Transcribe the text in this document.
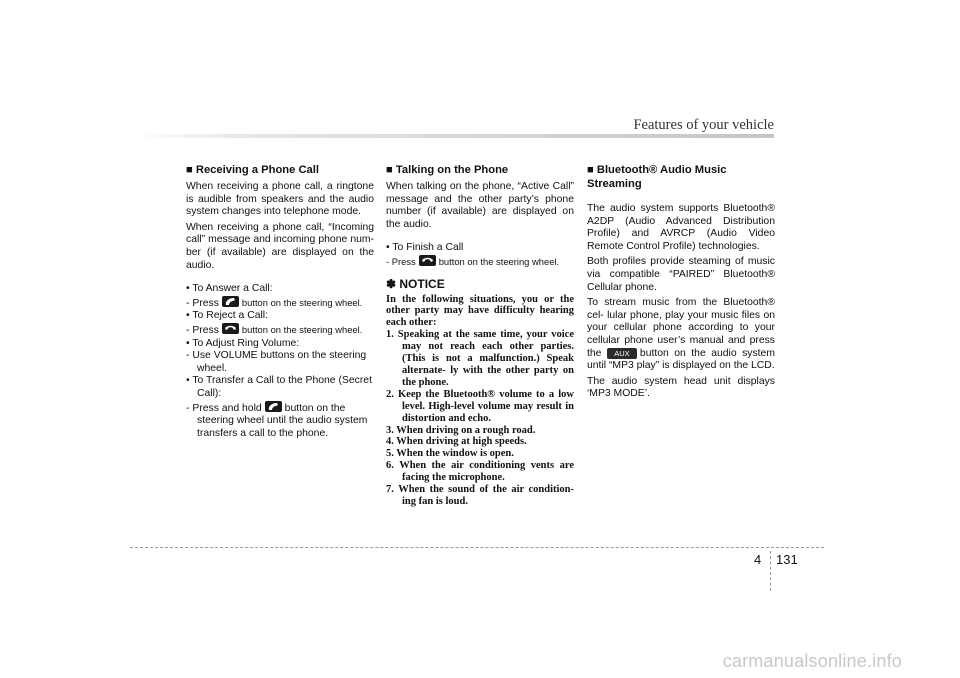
Features of your vehicle
■ Receiving a Phone Call

When receiving a phone call, a ringtone is audible from speakers and the audio system changes into telephone mode.

When receiving a phone call, “Incoming call” message and incoming phone num- ber (if available) are displayed on the audio.

• To Answer a Call:

- Press button on the steering wheel.

• To Reject a Call:

- Press button on the steering wheel.

• To Adjust Ring Volume:

- Use VOLUME buttons on the steering wheel.

• To Transfer a Call to the Phone (Secret Call):

- Press and hold button on the steering wheel until the audio system transfers a call to the phone.

■ Talking on the Phone

When talking on the phone, “Active Call” message and the other party’s phone number (if available) are displayed on the audio.

• To Finish a Call

- Press button on the steering wheel.

✽ NOTICE

In the following situations, you or the other party may have difficulty hearing each other:

1. Speaking at the same time, your voice may not reach each other parties. (This is not a malfunction.) Speak alternate- ly with the other party on the phone.

2. Keep the Bluetooth® volume to a low level. High-level volume may result in distortion and echo.

3. When driving on a rough road.

4. When driving at high speeds.

5. When the window is open.

6. When the air conditioning vents are facing the microphone.

7. When the sound of the air condition- ing fan is loud.

■ Bluetooth® Audio Music Streaming

The audio system supports Bluetooth® A2DP (Audio Advanced Distribution Profile) and AVRCP (Audio Video Remote Control Profile) technologies.

Both profiles provide steaming of music via compatible “PAIRED” Bluetooth® Cellular phone.

To stream music from the Bluetooth® cel- lular phone, play your music files on your cellular phone according to your cellular phone user’s manual and press the AUX button on the audio system until “MP3 play” is displayed on the LCD.

The audio system head unit displays ‘MP3 MODE’.

4 131
carmanualsonline.info
